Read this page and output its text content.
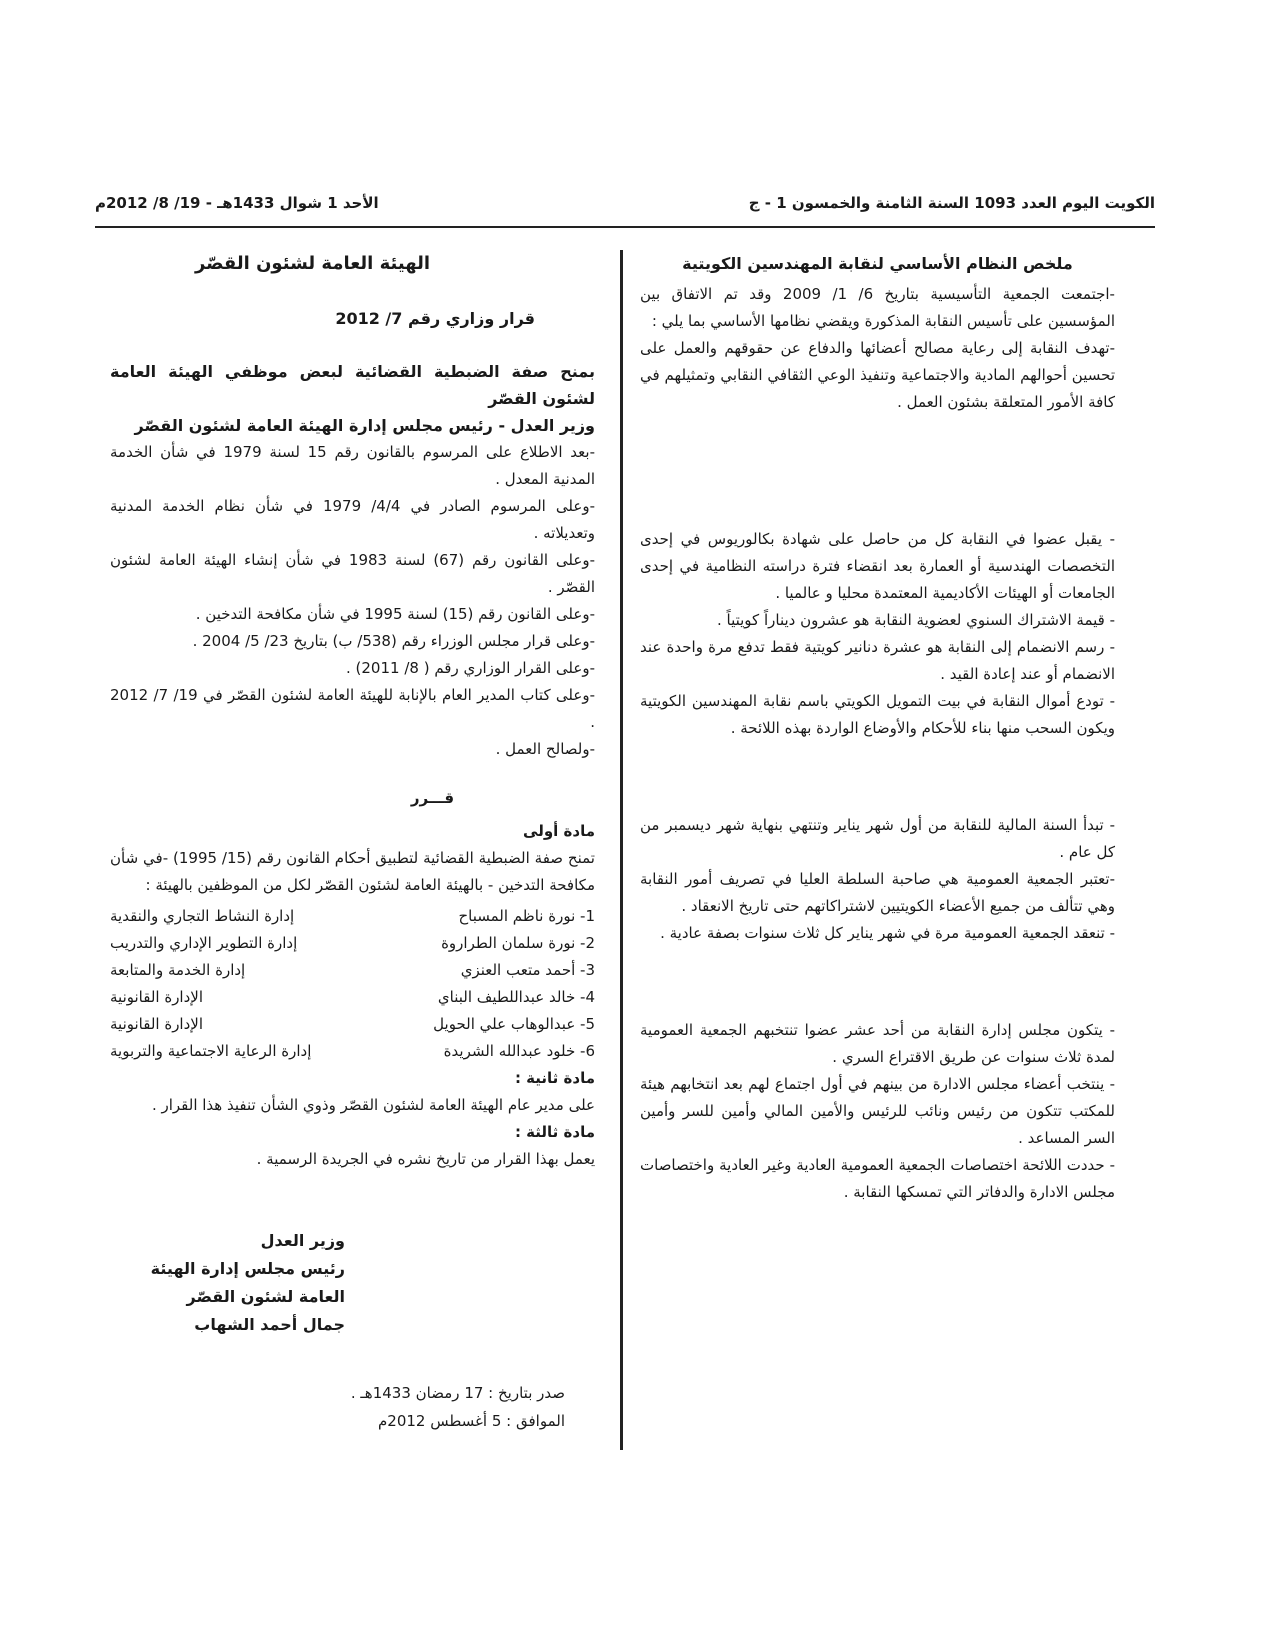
الكويت اليوم العدد 1093 السنة الثامنة والخمسون 1 - ج
الأحد 1 شوال 1433هـ - 19/ 8/ 2012م

ملخص النظام الأساسي لنقابة المهندسين الكويتية

-اجتمعت الجمعية التأسيسية بتاريخ 6/ 1/ 2009 وقد تم الاتفاق بين المؤسسين على تأسيس النقابة المذكورة ويقضي نظامها الأساسي بما يلي :

-تهدف النقابة إلى رعاية مصالح أعضائها والدفاع عن حقوقهم والعمل على تحسين أحوالهم المادية والاجتماعية وتنفيذ الوعي الثقافي النقابي وتمثيلهم في كافة الأمور المتعلقة بشئون العمل .

- يقبل عضوا في النقابة كل من حاصل على شهادة بكالوريوس في إحدى التخصصات الهندسية أو العمارة بعد انقضاء فترة دراسته النظامية في إحدى الجامعات أو الهيئات الأكاديمية المعتمدة محليا و عالميا .

- قيمة الاشتراك السنوي لعضوية النقابة هو عشرون ديناراً كويتياً .

- رسم الانضمام إلى النقابة هو عشرة دنانير كويتية فقط تدفع مرة واحدة عند الانضمام أو عند إعادة القيد .

- تودع أموال النقابة في بيت التمويل الكويتي باسم نقابة المهندسين الكويتية ويكون السحب منها بناء للأحكام والأوضاع الواردة بهذه اللائحة .

- تبدأ السنة المالية للنقابة من أول شهر يناير وتنتهي بنهاية شهر ديسمبر من كل عام .

-تعتبر الجمعية العمومية هي صاحبة السلطة العليا في تصريف أمور النقابة وهي تتألف من جميع الأعضاء الكويتيين لاشتراكاتهم حتى تاريخ الانعقاد .

- تنعقد الجمعية العمومية مرة في شهر يناير كل ثلاث سنوات بصفة عادية .

- يتكون مجلس إدارة النقابة من أحد عشر عضوا تنتخبهم الجمعية العمومية لمدة ثلاث سنوات عن طريق الاقتراع السري .

- ينتخب أعضاء مجلس الادارة من بينهم في أول اجتماع لهم بعد انتخابهم هيئة للمكتب تتكون من رئيس ونائب للرئيس والأمين المالي وأمين للسر وأمين السر المساعد .

- حددت اللائحة اختصاصات الجمعية العمومية العادية وغير العادية واختصاصات مجلس الادارة والدفاتر التي تمسكها النقابة .

الهيئة العامة لشئون القصّر

قرار وزاري رقم 7/ 2012

بمنح صفة الضبطية القضائية لبعض موظفي الهيئة العامة لشئون القصّر

وزير العدل - رئيس مجلس إدارة الهيئة العامة لشئون القصّر

-بعد الاطلاع على المرسوم بالقانون رقم 15 لسنة 1979 في شأن الخدمة المدنية المعدل .

-وعلى المرسوم الصادر في 4/4/ 1979 في شأن نظام الخدمة المدنية وتعديلاته .

-وعلى القانون رقم (67) لسنة 1983 في شأن إنشاء الهيئة العامة لشئون القصّر .

-وعلى القانون رقم (15) لسنة 1995 في شأن مكافحة التدخين .

-وعلى قرار مجلس الوزراء رقم (538/ ب) بتاريخ 23/ 5/ 2004 .

-وعلى القرار الوزاري رقم ( 8/ 2011) .

-وعلى كتاب المدير العام بالإنابة للهيئة العامة لشئون القصّر في 19/ 7/ 2012 .

-ولصالح العمل .

قـــرر

مادة أولى

تمنح صفة الضبطية القضائية لتطبيق أحكام القانون رقم (15/ 1995) -في شأن مكافحة التدخين - بالهيئة العامة لشئون القصّر لكل من الموظفين بالهيئة :

1- نورة ناظم المسباح
إدارة النشاط التجاري والنقدية
2- نورة سلمان الطراروة
إدارة التطوير الإداري والتدريب
3- أحمد متعب العنزي
إدارة الخدمة والمتابعة
4- خالد عبداللطيف البناي
الإدارة القانونية
5- عبدالوهاب علي الحويل
الإدارة القانونية
6- خلود عبدالله الشريدة
إدارة الرعاية الاجتماعية والتربوية

مادة ثانية :

على مدير عام الهيئة العامة لشئون القصّر وذوي الشأن تنفيذ هذا القرار .

مادة ثالثة :

يعمل بهذا القرار من تاريخ نشره في الجريدة الرسمية .

وزير العدل
رئيس مجلس إدارة الهيئة
العامة لشئون القصّر
جمال أحمد الشهاب
صدر بتاريخ : 17 رمضان 1433هـ .
الموافق : 5 أغسطس 2012م
